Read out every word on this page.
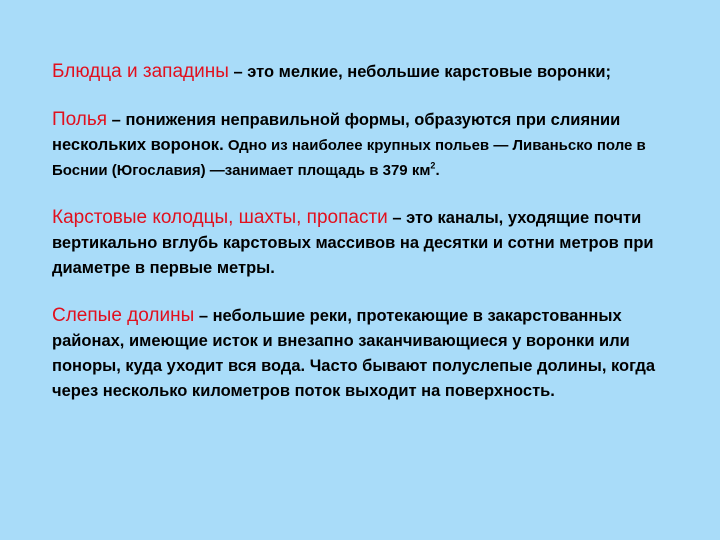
Блюдца и западины – это мелкие, небольшие карстовые воронки;

Полья – понижения неправильной формы, образуются при слиянии нескольких воронок. Одно из наиболее крупных польев — Ливаньско поле в Боснии (Югославия) —занимает площадь в 379 $км^2$.

Карстовые колодцы, шахты, пропасти – это каналы, уходящие почти вертикально вглубь карстовых массивов на десятки и сотни метров при диаметре в первые метры.

Слепые долины – небольшие реки, протекающие в закарстованных районах, имеющие исток и внезапно заканчивающиеся у воронки или поноры, куда уходит вся вода. Часто бывают полуслепые долины, когда через несколько километров поток выходит на поверхность.
